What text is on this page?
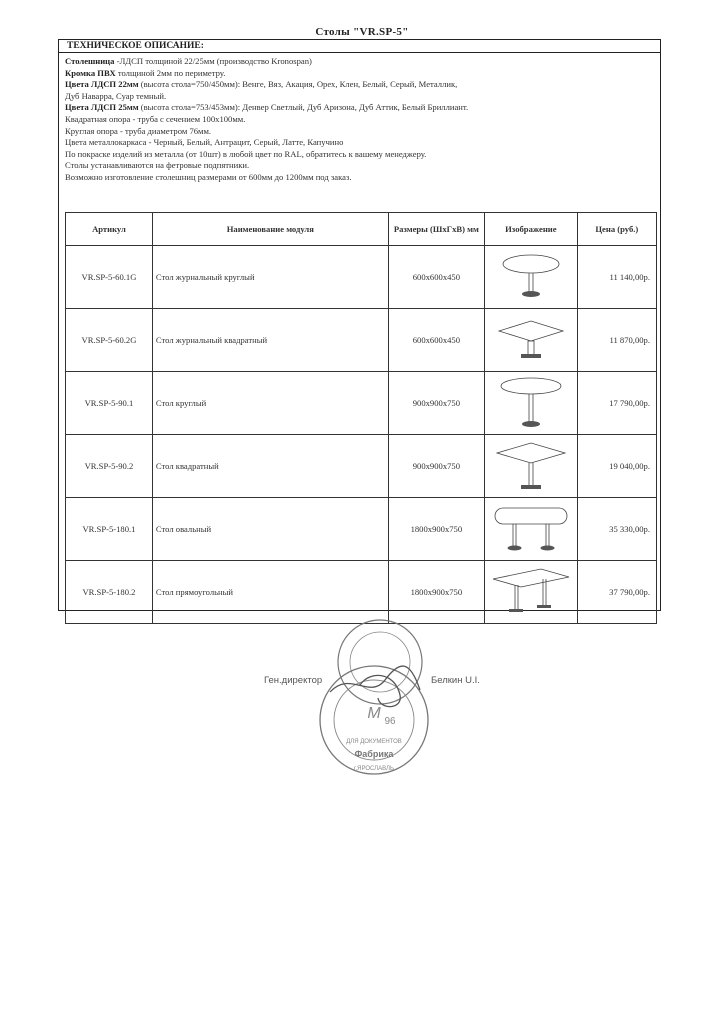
Столы "VR.SP-5"
ТЕХНИЧЕСКОЕ ОПИСАНИЕ:
Столешница -ЛДСП толщиной 22/25мм (производство Kronospan)
Кромка ПВХ толщиной 2мм по периметру.
Цвета ЛДСП 22мм (высота стола=750/450мм): Венге, Вяз, Акация, Орех, Клен, Белый, Серый, Металлик,
Дуб Наварра, Суар темный.
Цвета ЛДСП 25мм (высота стола=753/453мм): Денвер Светлый, Дуб Аризона, Дуб Аттик, Белый Бриллиант.
Квадратная опора - труба с сечением 100х100мм.
Круглая опора - труба диаметром 76мм.
Цвета металлокаркаса - Черный, Белый, Антрацит, Серый, Латте, Капучино
По покраске изделий из металла (от 10шт) в любой цвет по RAL, обратитесь к вашему менеджеру.
Столы устанавливаются на фетровые подпятники.
Возможно изготовление столешниц размерами от 600мм до 1200мм под заказ.
Артикул	Наименование модуля	Размеры (ШхГхВ) мм	Изображение	Цена (руб.)
VR.SP-5-60.1G	Стол журнальный круглый	600х600х450		11 140,00р.
VR.SP-5-60.2G	Стол журнальный квадратный	600х600х450		11 870,00р.
VR.SP-5-90.1	Стол круглый	900х900х750		17 790,00р.
VR.SP-5-90.2	Стол квадратный	900х900х750		19 040,00р.
VR.SP-5-180.1	Стол овальный	1800х900х750		35 330,00р.
VR.SP-5-180.2	Стол прямоугольный	1800х900х750		37 790,00р.
Ген.директор	Белкин U.I.
M 96
ДЛЯ ДОКУМЕНТОВ
Фабрика
г.ЯРОСЛАВЛЬ
